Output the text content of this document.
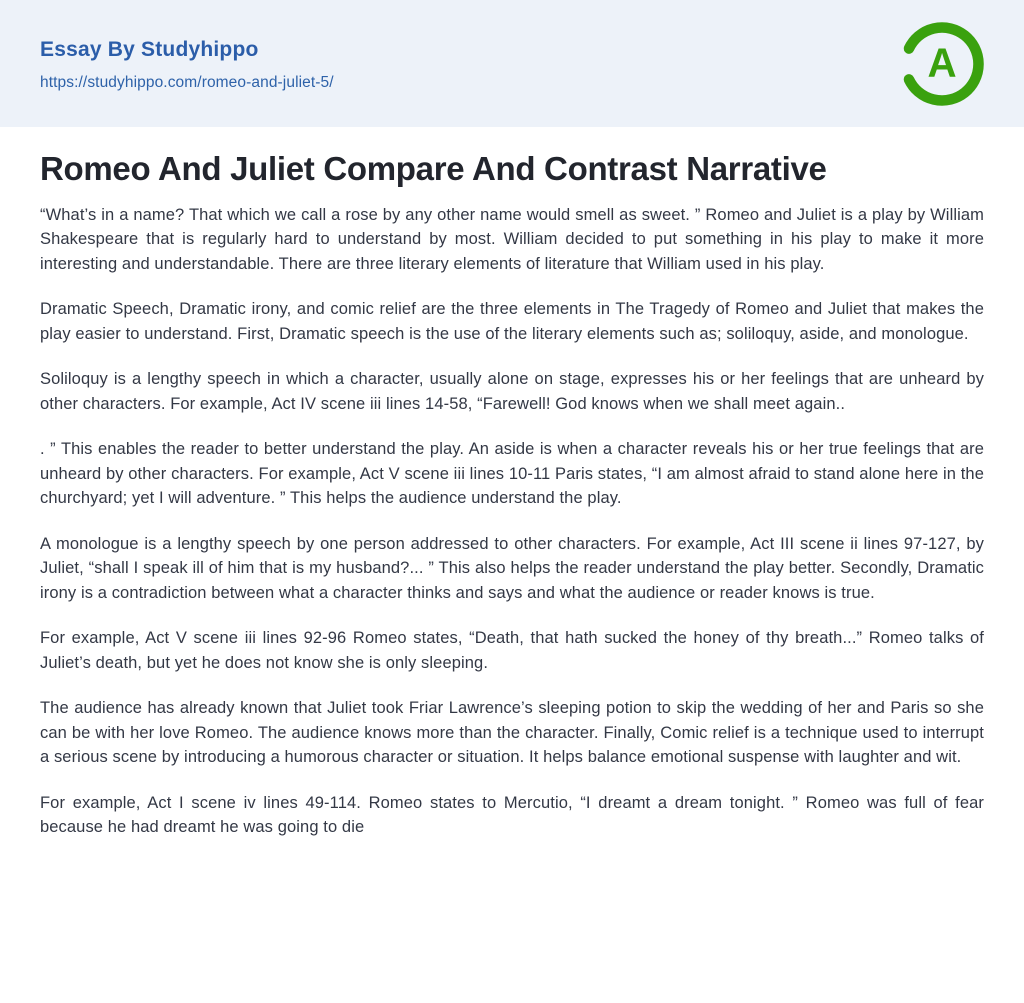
Essay By Studyhippo
https://studyhippo.com/romeo-and-juliet-5/	A
Romeo And Juliet Compare And Contrast Narrative

“What’s in a name? That which we call a rose by any other name would smell as sweet. ” Romeo and Juliet is a play by William Shakespeare that is regularly hard to understand by most. William decided to put something in his play to make it more interesting and understandable. There are three literary elements of literature that William used in his play.

Dramatic Speech, Dramatic irony, and comic relief are the three elements in The Tragedy of Romeo and Juliet that makes the play easier to understand. First, Dramatic speech is the use of the literary elements such as; soliloquy, aside, and monologue.

Soliloquy is a lengthy speech in which a character, usually alone on stage, expresses his or her feelings that are unheard by other characters. For example, Act IV scene iii lines 14-58, “Farewell! God knows when we shall meet again..

. ” This enables the reader to better understand the play. An aside is when a character reveals his or her true feelings that are unheard by other characters. For example, Act V scene iii lines 10-11 Paris states, “I am almost afraid to stand alone here in the churchyard; yet I will adventure. ” This helps the audience understand the play.

A monologue is a lengthy speech by one person addressed to other characters. For example, Act III scene ii lines 97-127, by Juliet, “shall I speak ill of him that is my husband?... ” This also helps the reader understand the play better. Secondly, Dramatic irony is a contradiction between what a character thinks and says and what the audience or reader knows is true.

For example, Act V scene iii lines 92-96 Romeo states, “Death, that hath sucked the honey of thy breath...” Romeo talks of Juliet’s death, but yet he does not know she is only sleeping.

The audience has already known that Juliet took Friar Lawrence’s sleeping potion to skip the wedding of her and Paris so she can be with her love Romeo. The audience knows more than the character. Finally, Comic relief is a technique used to interrupt a serious scene by introducing a humorous character or situation. It helps balance emotional suspense with laughter and wit.

For example, Act I scene iv lines 49-114. Romeo states to Mercutio, “I dreamt a dream tonight. ” Romeo was full of fear because he had dreamt he was going to die
